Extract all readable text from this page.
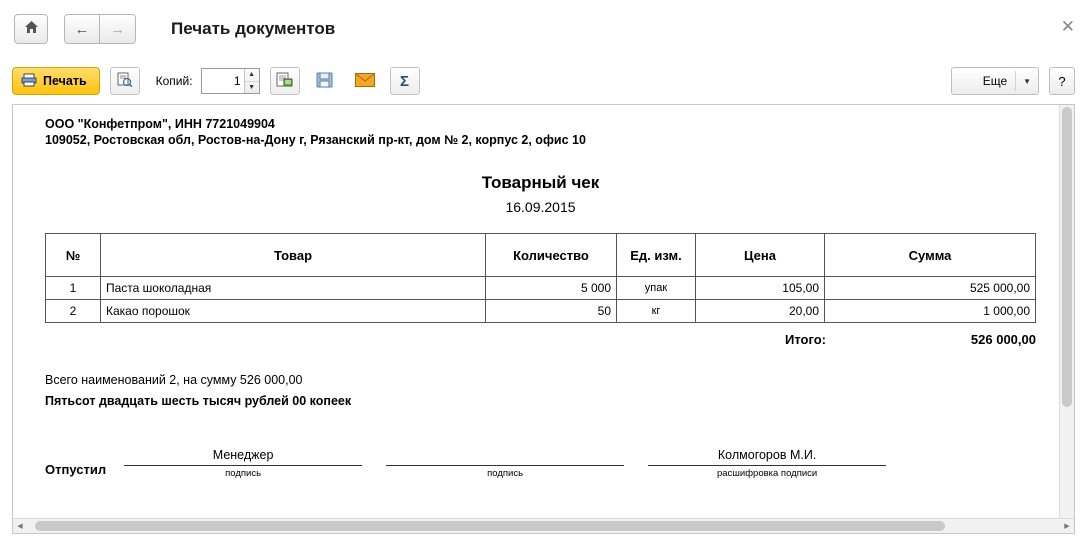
← →	Печать документов	✕
Печать	Копий:
1	▲
▼	Σ	Еще ▼ ?
ООО "Конфетпром", ИНН 7721049904
109052, Ростовская обл, Ростов-на-Дону г, Рязанский пр-кт, дом № 2, корпус 2, офис 10
Товарный чек
16.09.2015
№	Товар	Количество	Ед. изм.	Цена	Сумма
1	Паста шоколадная	5 000	упак	105,00	525 000,00
2	Какао порошок	50	кг	20,00	1 000,00
Итого:	526 000,00
Всего наименований 2, на сумму 526 000,00
Пятьсот двадцать шесть тысяч рублей 00 копеек
Отпустил
Менеджер
подпись	подпись
Колмогоров М.И.
расшифровка подписи
◀	▶
